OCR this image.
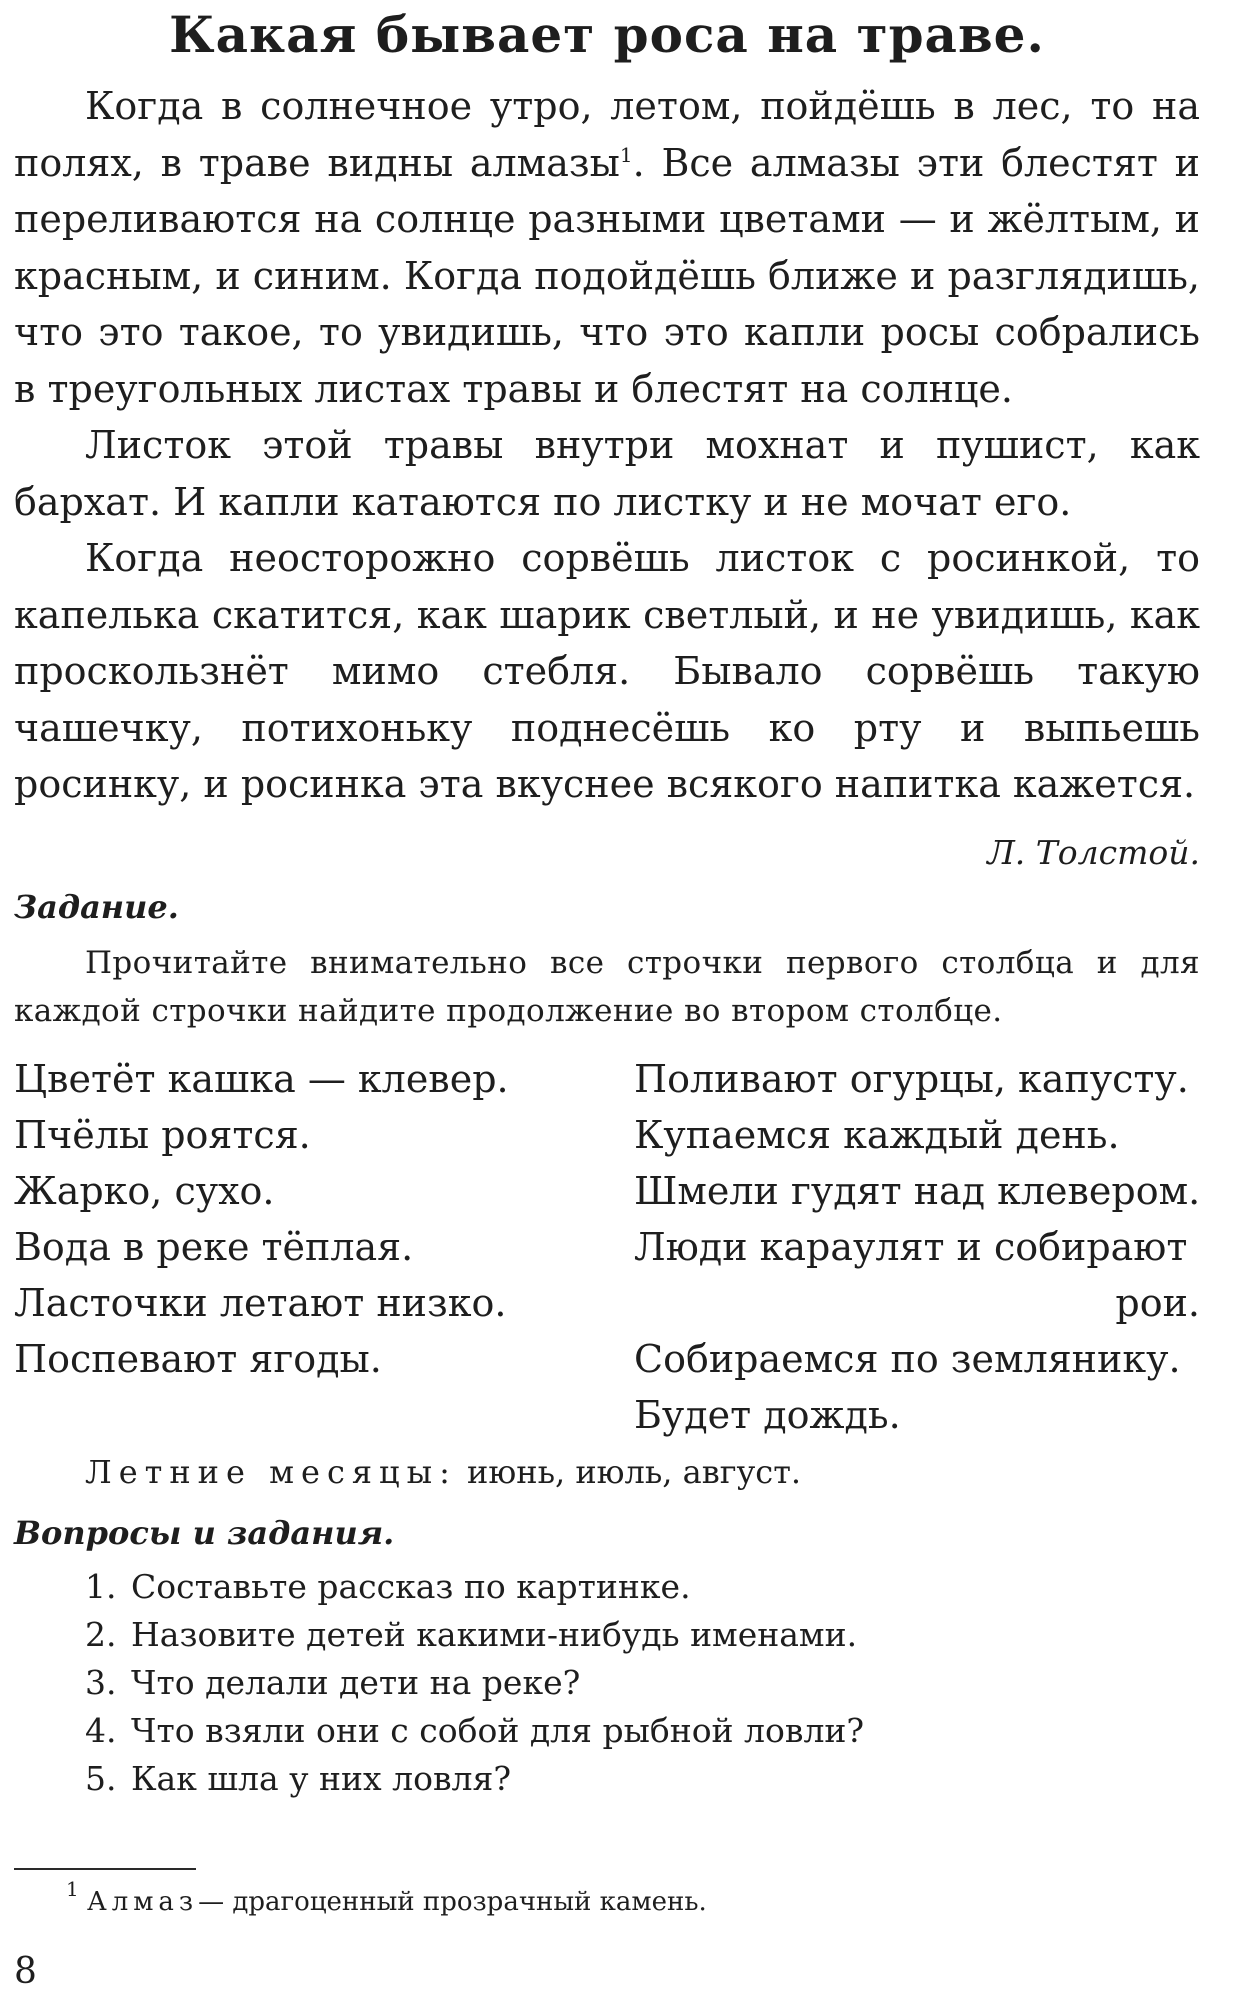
Какая бывает роса на траве.

Когда в солнечное утро, летом, пойдёшь в лес, то на полях, в траве видны алмазы$^1$. Все алмазы эти блестят и переливаются на солнце разными цветами — и жёлтым, и красным, и синим. Когда подойдёшь ближе и разглядишь, что это такое, то увидишь, что это капли росы собрались в треугольных листах травы и блестят на солнце.

Листок этой травы внутри мохнат и пушист, как бархат. И капли катаются по листку и не мочат его.

Когда неосторожно сорвёшь листок с росинкой, то капелька скатится, как шарик светлый, и не увидишь, как проскользнёт мимо стебля. Бывало сорвёшь такую чашечку, потихоньку поднесёшь ко рту и выпьешь росинку, и росинка эта вкуснее всякого напитка кажется.

Л. Толстой.
Задание.

Прочитайте внимательно все строчки первого столбца и для каждой строчки найдите продолжение во втором столбце.

Цветёт кашка — клевер.
Пчёлы роятся.
Жарко, сухо.
Вода в реке тёплая.
Ласточки летают низко.
Поспевают ягоды.
Поливают огурцы, капусту.
Купаемся каждый день.
Шмели гудят над клевером.
Люди караулят и собирают
рои.
Собираемся по землянику.
Будет дождь.
Летние месяцы: июнь, июль, август.
Вопросы и задания.
1. Составьте рассказ по картинке.
2. Назовите детей какими-нибудь именами.
3. Что делали дети на реке?
4. Что взяли они с собой для рыбной ловли?
5. Как шла у них ловля?
$^1$ Алмаз— драгоценный прозрачный камень.
8
